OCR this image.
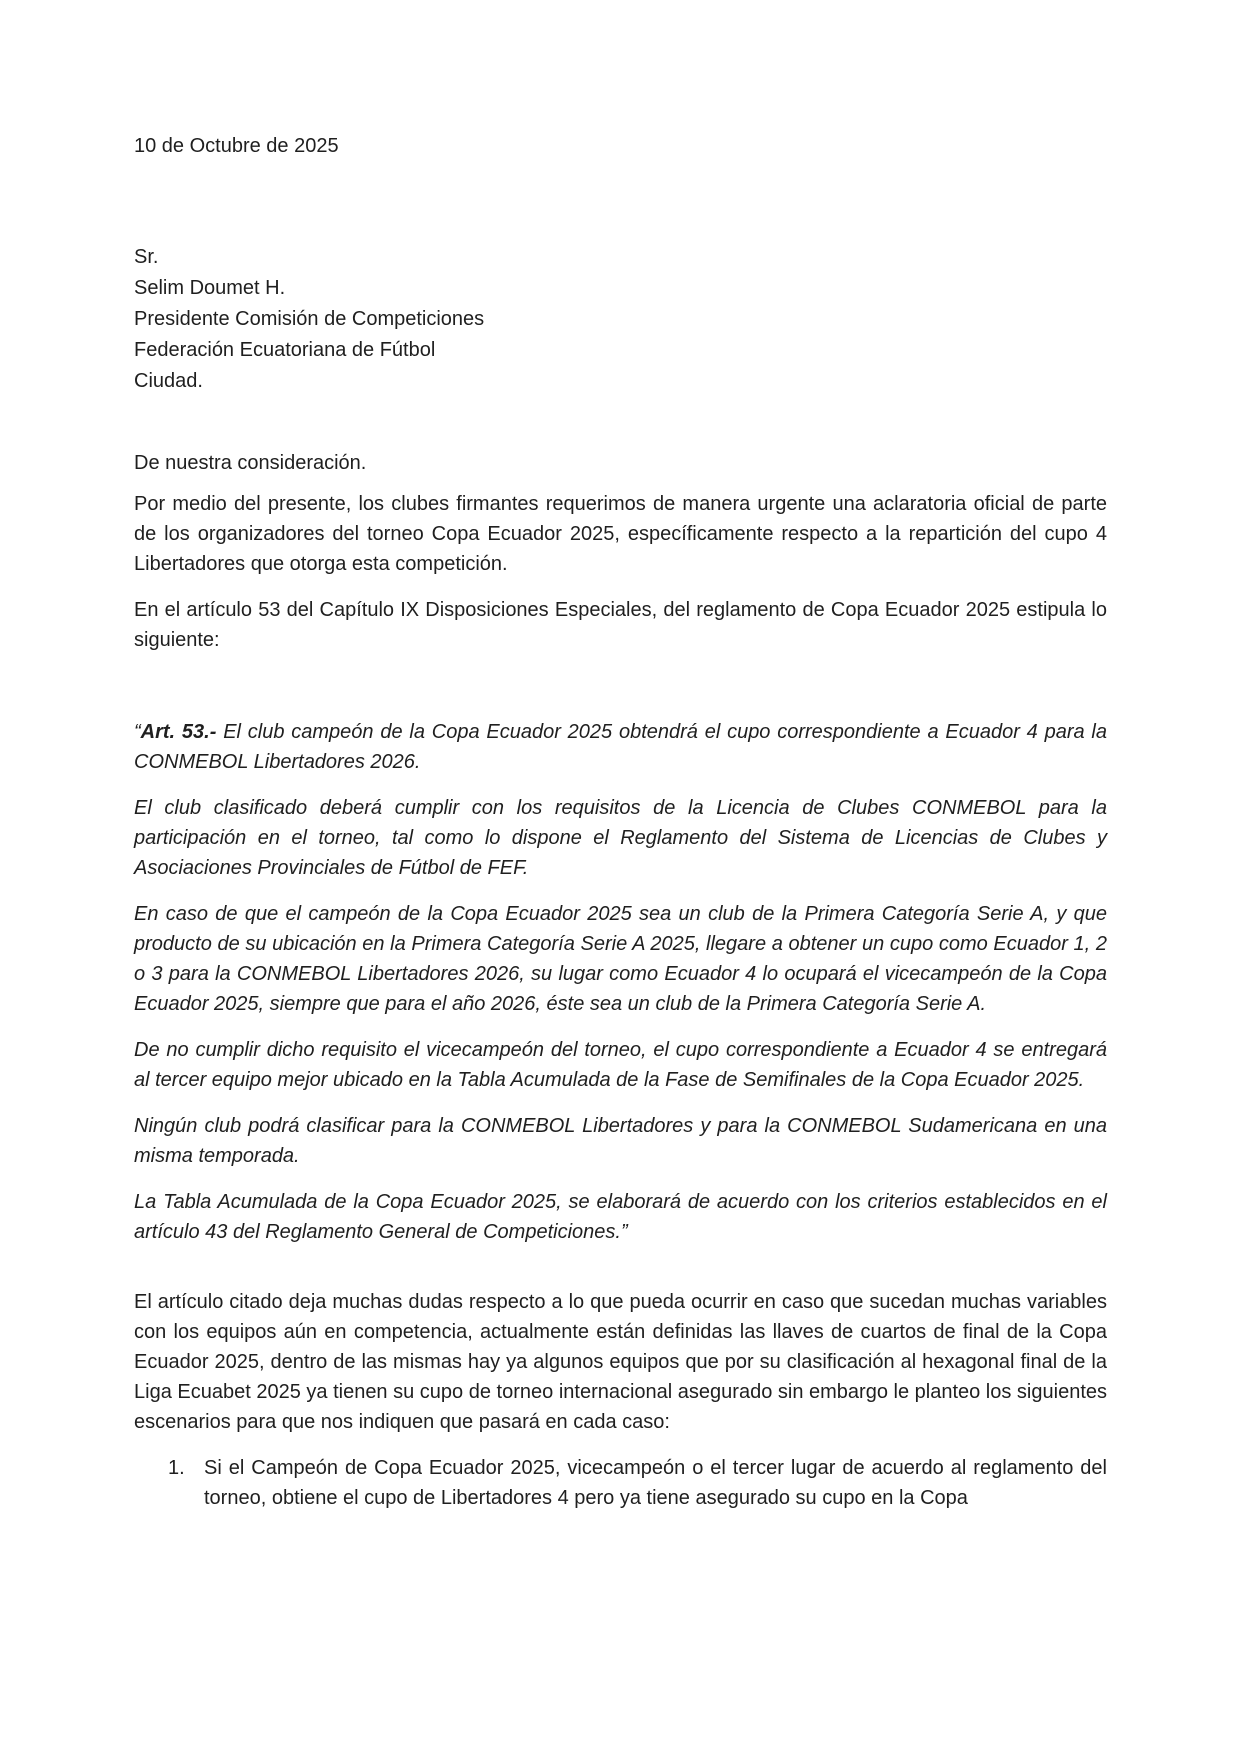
10 de Octubre de 2025

Sr.

Selim Doumet H.

Presidente Comisión de Competiciones

Federación Ecuatoriana de Fútbol

Ciudad.

De nuestra consideración.

Por medio del presente, los clubes firmantes requerimos de manera urgente una aclaratoria oficial de parte de los organizadores del torneo Copa Ecuador 2025, específicamente respecto a la repartición del cupo 4 Libertadores que otorga esta competición.

En el artículo 53 del Capítulo IX Disposiciones Especiales, del reglamento de Copa Ecuador 2025 estipula lo siguiente:

“Art. 53.- El club campeón de la Copa Ecuador 2025 obtendrá el cupo correspondiente a Ecuador 4 para la CONMEBOL Libertadores 2026.

El club clasificado deberá cumplir con los requisitos de la Licencia de Clubes CONMEBOL para la participación en el torneo, tal como lo dispone el Reglamento del Sistema de Licencias de Clubes y Asociaciones Provinciales de Fútbol de FEF.

En caso de que el campeón de la Copa Ecuador 2025 sea un club de la Primera Categoría Serie A, y que producto de su ubicación en la Primera Categoría Serie A 2025, llegare a obtener un cupo como Ecuador 1, 2 o 3 para la CONMEBOL Libertadores 2026, su lugar como Ecuador 4 lo ocupará el vicecampeón de la Copa Ecuador 2025, siempre que para el año 2026, éste sea un club de la Primera Categoría Serie A.

De no cumplir dicho requisito el vicecampeón del torneo, el cupo correspondiente a Ecuador 4 se entregará al tercer equipo mejor ubicado en la Tabla Acumulada de la Fase de Semifinales de la Copa Ecuador 2025.

Ningún club podrá clasificar para la CONMEBOL Libertadores y para la CONMEBOL Sudamericana en una misma temporada.

La Tabla Acumulada de la Copa Ecuador 2025, se elaborará de acuerdo con los criterios establecidos en el artículo 43 del Reglamento General de Competiciones.”

El artículo citado deja muchas dudas respecto a lo que pueda ocurrir en caso que sucedan muchas variables con los equipos aún en competencia, actualmente están definidas las llaves de cuartos de final de la Copa Ecuador 2025, dentro de las mismas hay ya algunos equipos que por su clasificación al hexagonal final de la Liga Ecuabet 2025 ya tienen su cupo de torneo internacional asegurado sin embargo le planteo los siguientes escenarios para que nos indiquen que pasará en cada caso:

1. Si el Campeón de Copa Ecuador 2025, vicecampeón o el tercer lugar de acuerdo al reglamento del torneo, obtiene el cupo de Libertadores 4 pero ya tiene asegurado su cupo en la Copa
